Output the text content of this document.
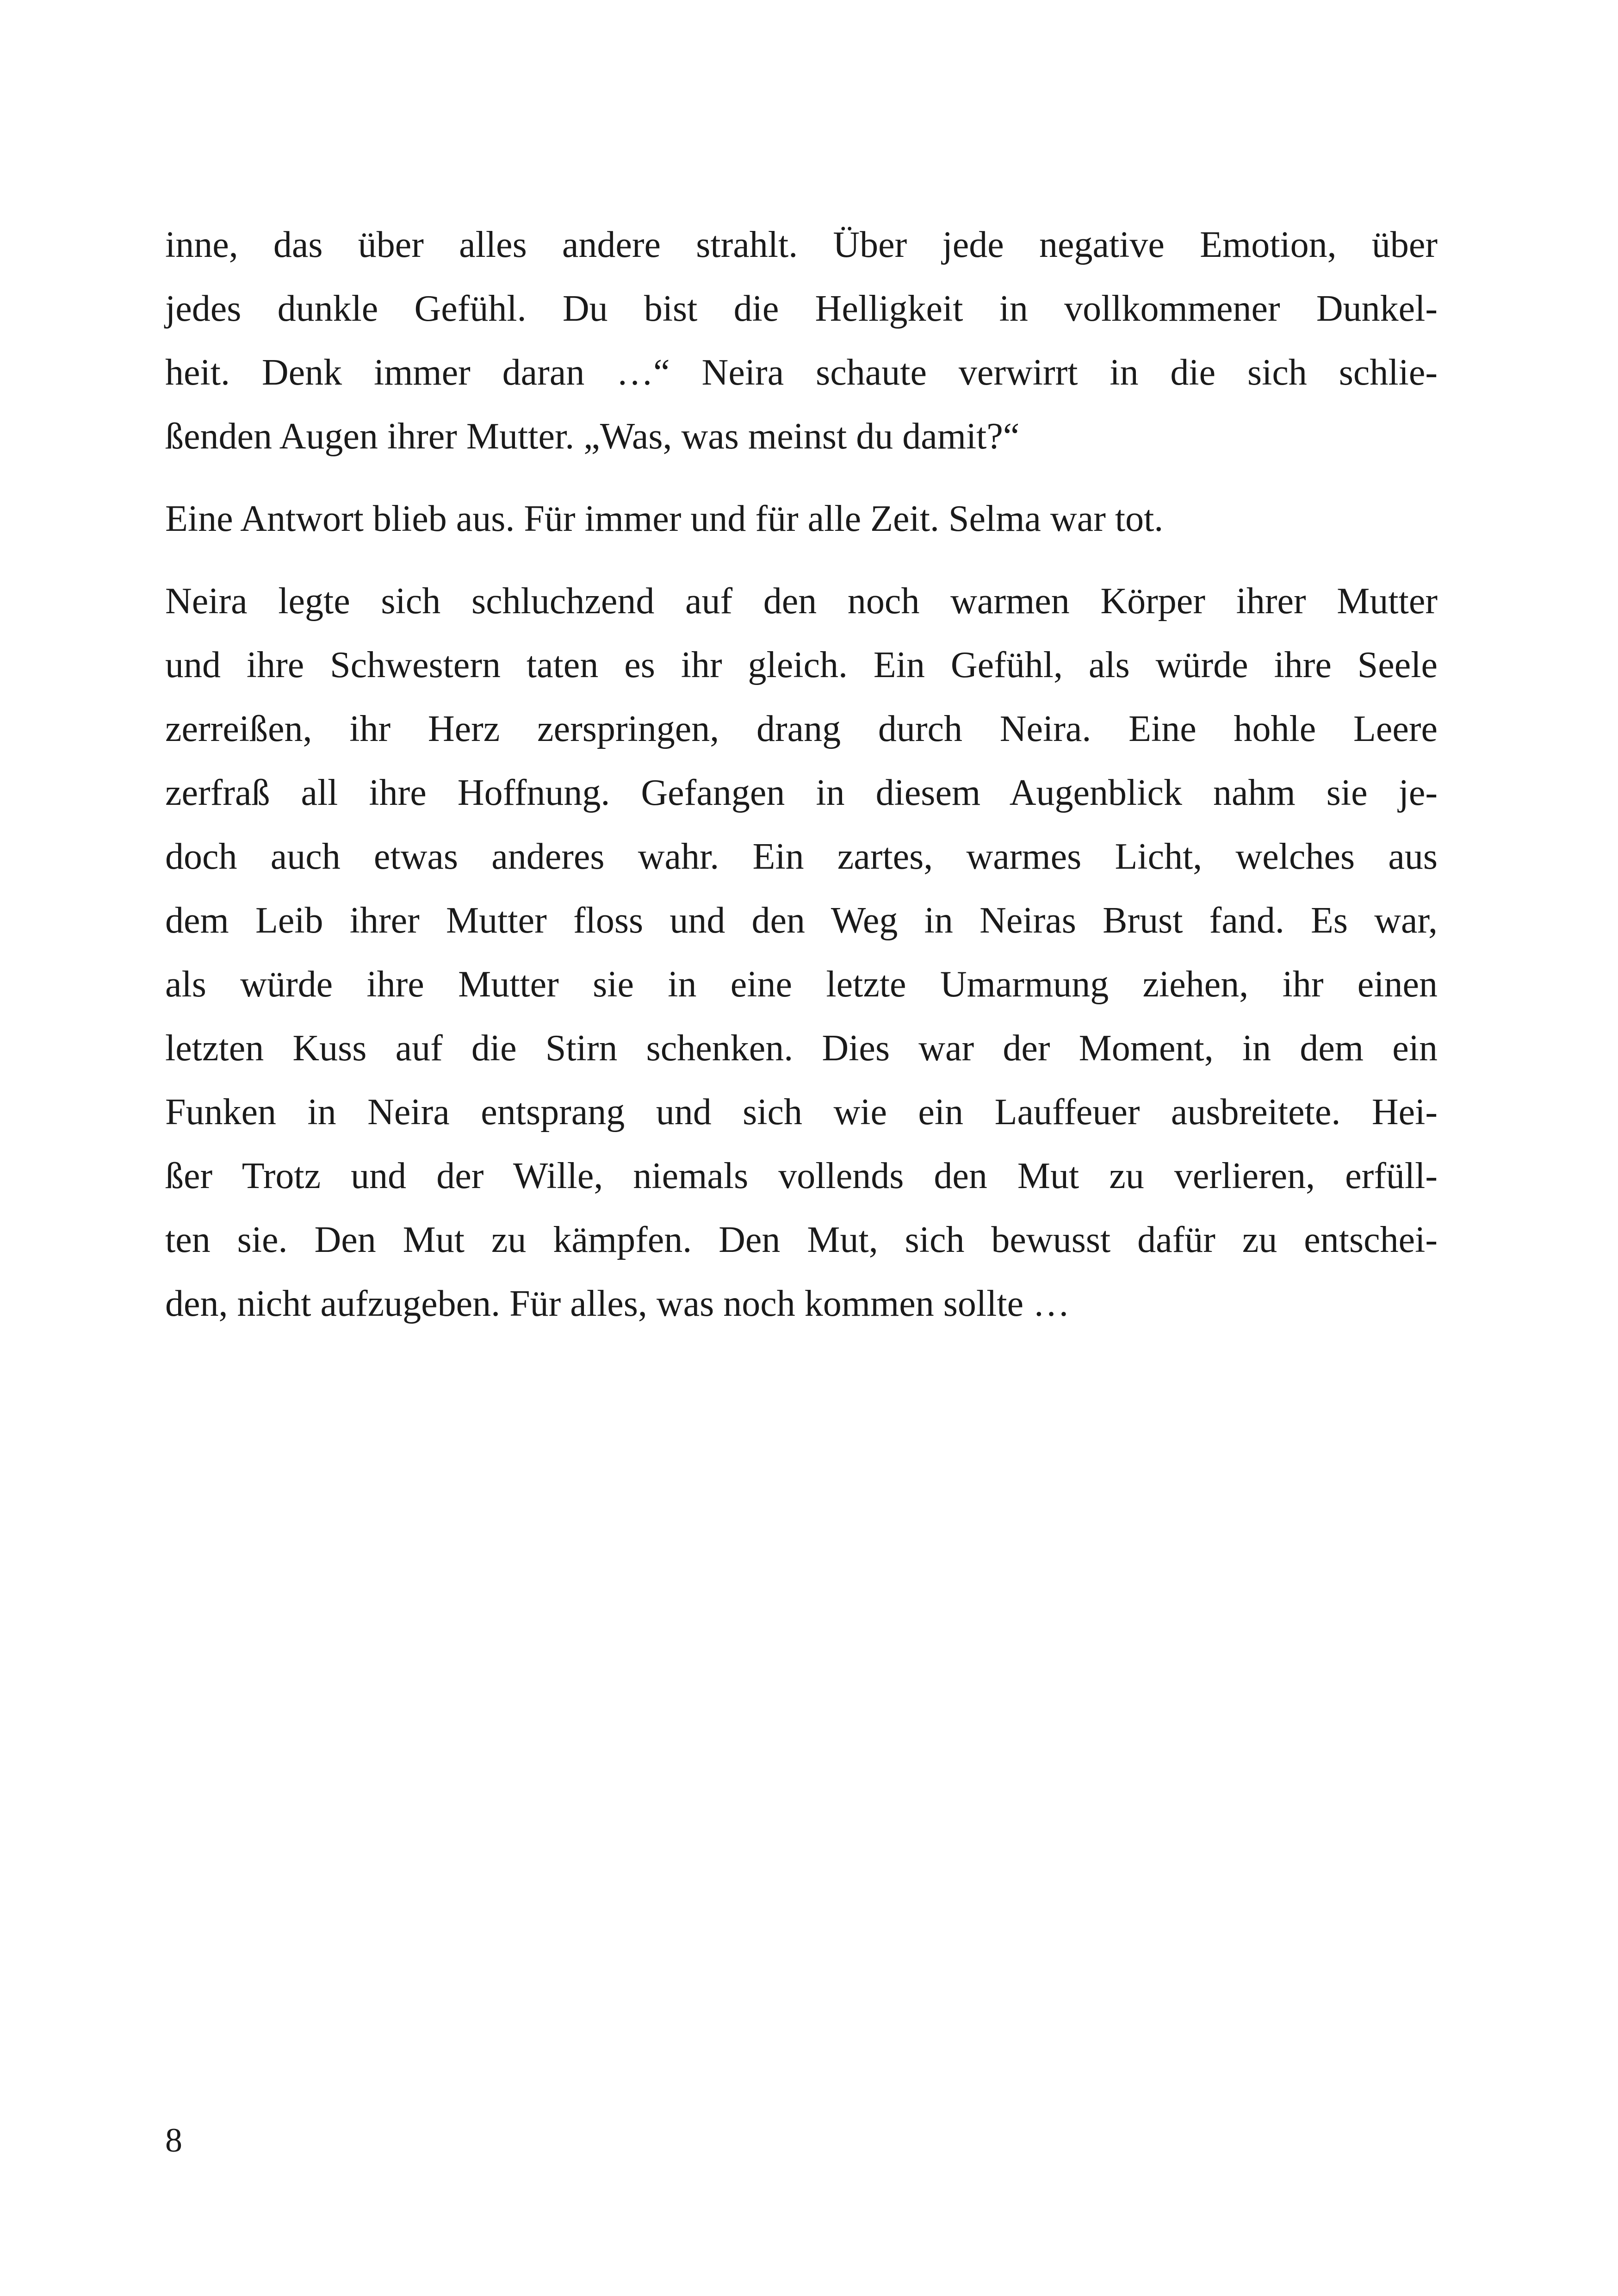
inne, das über alles andere strahlt. Über jede negative Emotion, über
jedes dunkle Gefühl. Du bist die Helligkeit in vollkommener Dunkel-
heit. Denk immer daran …“ Neira schaute verwirrt in die sich schlie-
ßenden Augen ihrer Mutter. „Was, was meinst du damit?“
Eine Antwort blieb aus. Für immer und für alle Zeit. Selma war tot.
Neira legte sich schluchzend auf den noch warmen Körper ihrer Mutter
und ihre Schwestern taten es ihr gleich. Ein Gefühl, als würde ihre Seele
zerreißen, ihr Herz zerspringen, drang durch Neira. Eine hohle Leere
zerfraß all ihre Hoffnung. Gefangen in diesem Augenblick nahm sie je-
doch auch etwas anderes wahr. Ein zartes, warmes Licht, welches aus
dem Leib ihrer Mutter floss und den Weg in Neiras Brust fand. Es war,
als würde ihre Mutter sie in eine letzte Umarmung ziehen, ihr einen
letzten Kuss auf die Stirn schenken. Dies war der Moment, in dem ein
Funken in Neira entsprang und sich wie ein Lauffeuer ausbreitete. Hei-
ßer Trotz und der Wille, niemals vollends den Mut zu verlieren, erfüll-
ten sie. Den Mut zu kämpfen. Den Mut, sich bewusst dafür zu entschei-
den, nicht aufzugeben. Für alles, was noch kommen sollte …
8
